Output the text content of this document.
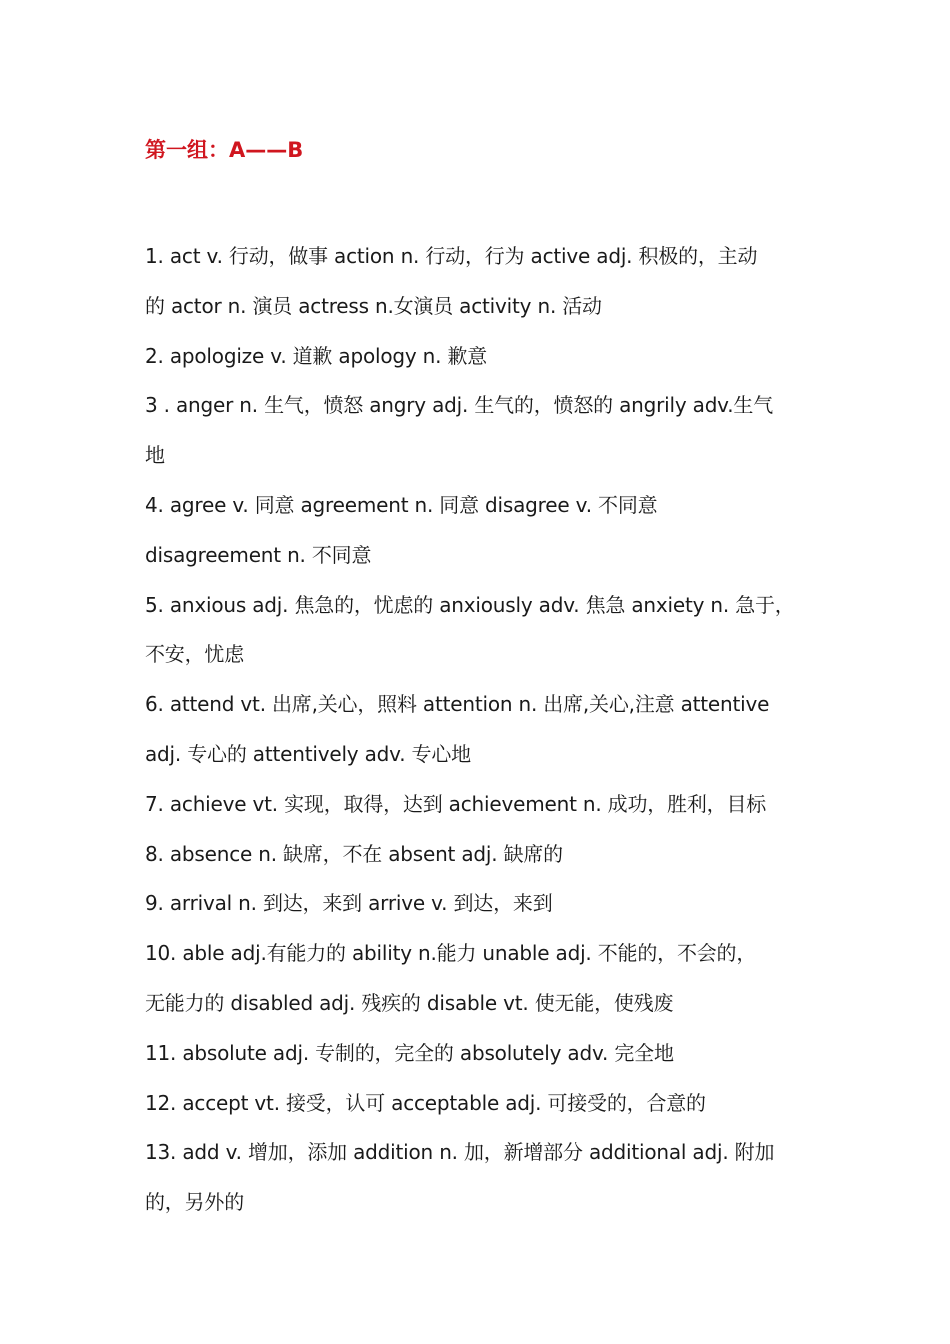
第一组：A——B
1. act v. 行动，做事 action n. 行动，行为 active adj. 积极的，主动
的 actor n. 演员 actress n.女演员 activity n. 活动
2. apologize v. 道歉 apology n. 歉意
3 . anger n. 生气，愤怒 angry adj. 生气的，愤怒的 angrily adv.生气
地
4. agree v. 同意 agreement n. 同意 disagree v. 不同意
disagreement n. 不同意
5. anxious adj. 焦急的，忧虑的 anxiously adv. 焦急 anxiety n. 急于，
不安，忧虑
6. attend vt. 出席,关心，照料 attention n. 出席,关心,注意 attentive
adj. 专心的 attentively adv. 专心地
7. achieve vt. 实现，取得，达到 achievement n. 成功，胜利，目标
8. absence n. 缺席，不在 absent adj. 缺席的
9. arrival n. 到达，来到 arrive v. 到达，来到
10. able adj.有能力的 ability n.能力 unable adj. 不能的，不会的，
无能力的 disabled adj. 残疾的 disable vt. 使无能，使残废
11. absolute adj. 专制的，完全的 absolutely adv. 完全地
12. accept vt. 接受，认可 acceptable adj. 可接受的，合意的
13. add v. 增加，添加 addition n. 加，新增部分 additional adj. 附加
的，另外的
